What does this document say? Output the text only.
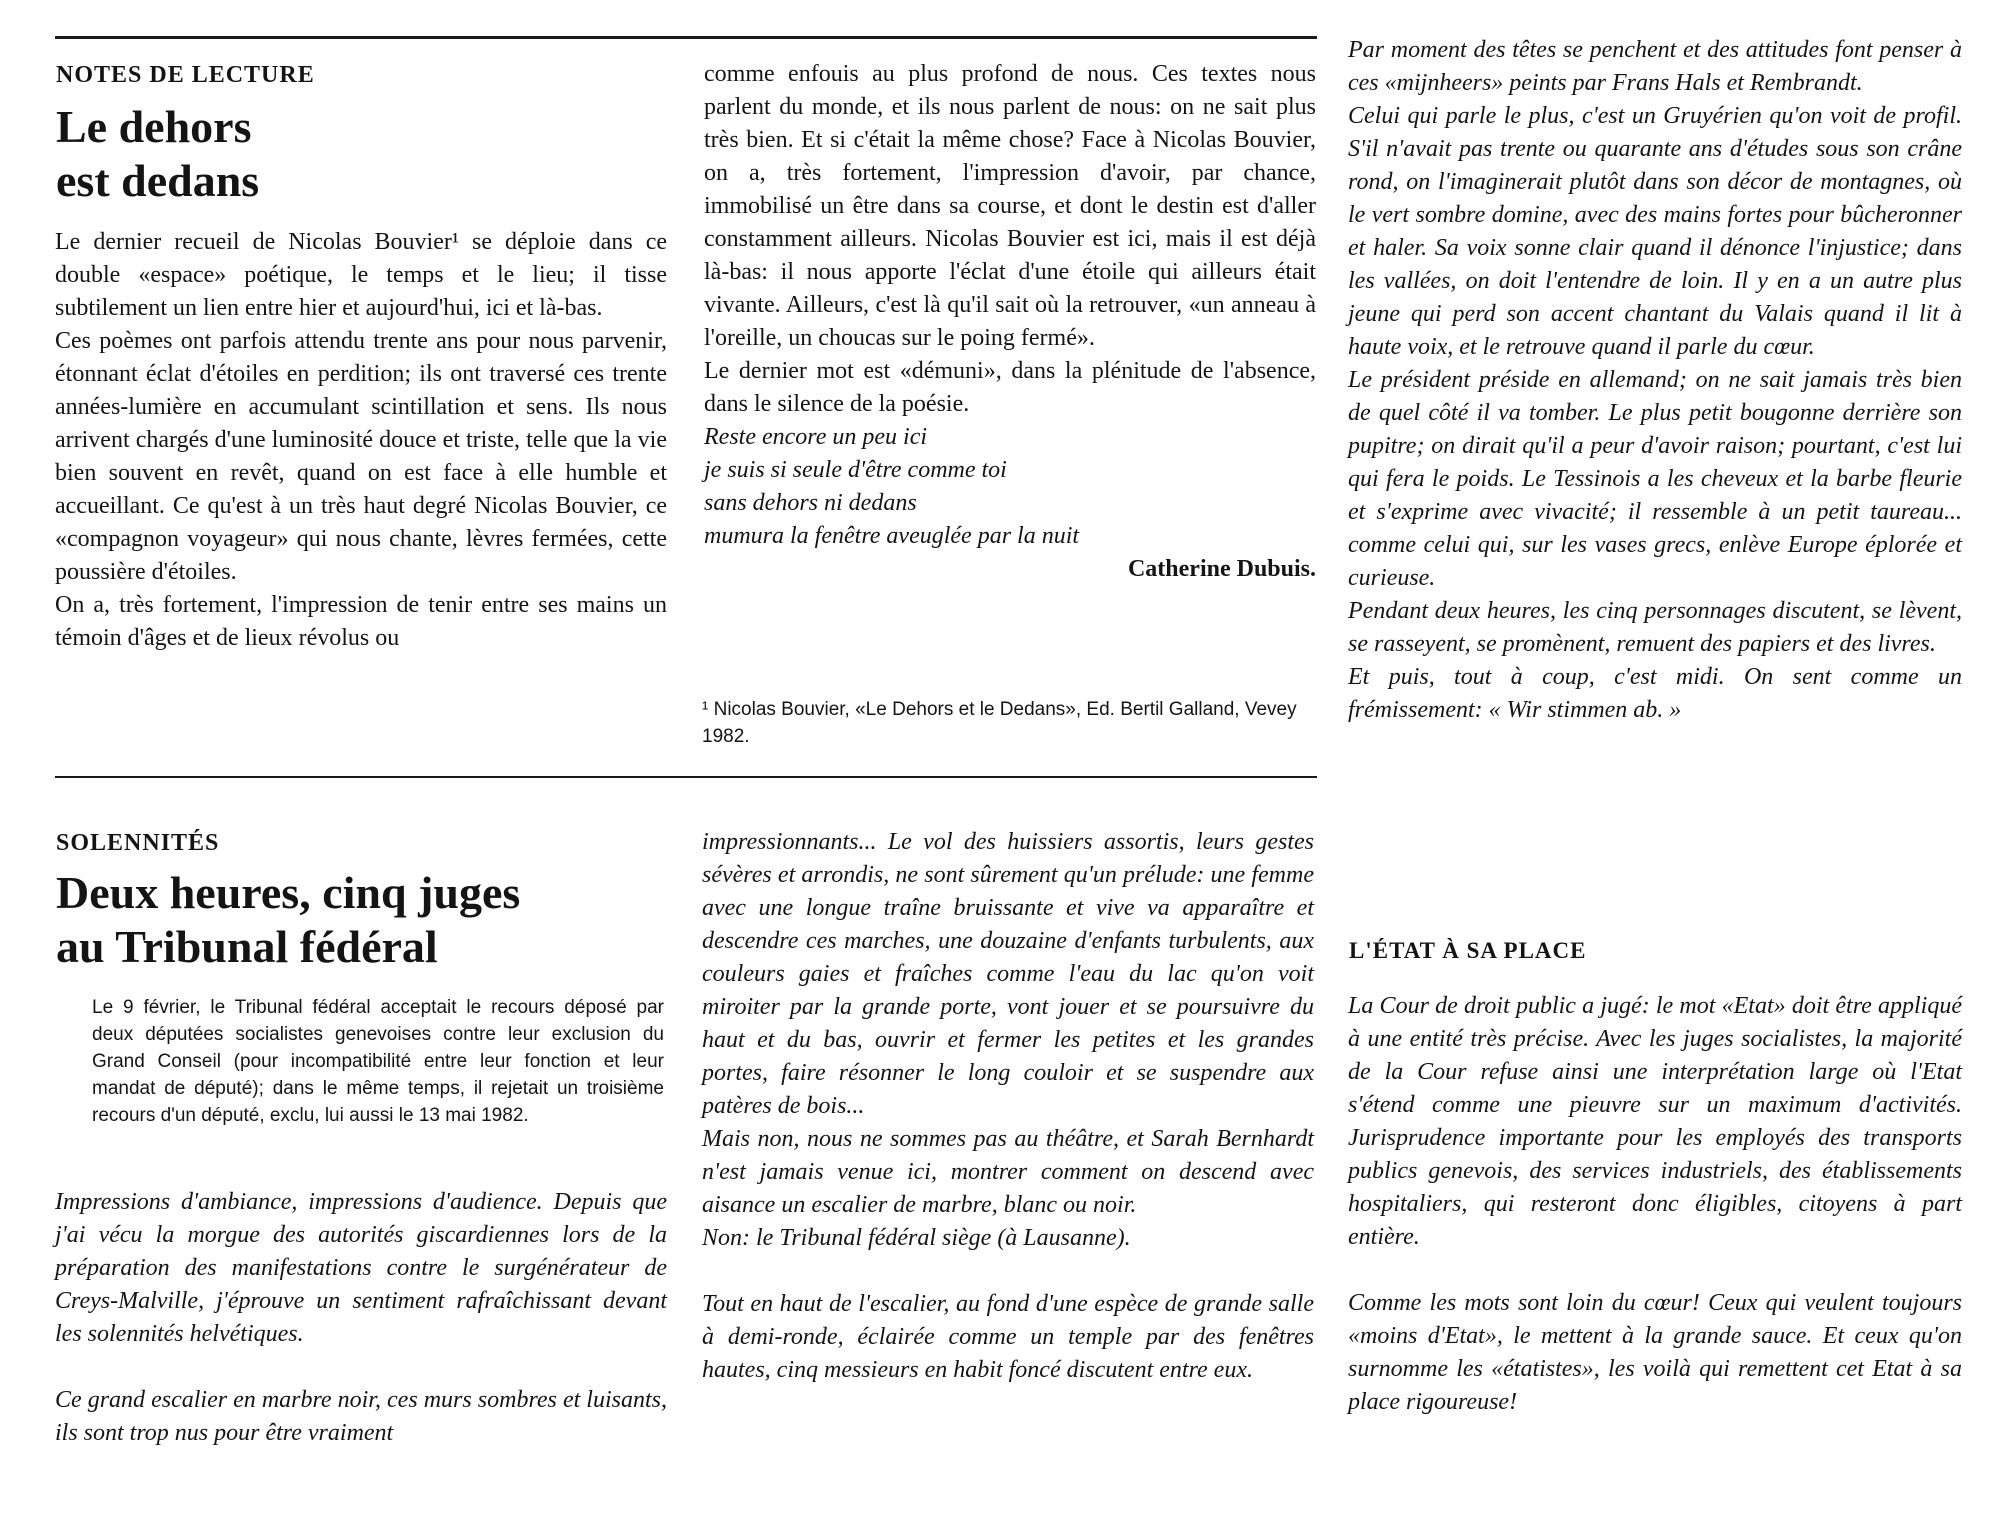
NOTES DE LECTURE
Le dehors
est dedans

Le dernier recueil de Nicolas Bouvier¹ se déploie dans ce double «espace» poétique, le temps et le lieu; il tisse subtilement un lien entre hier et aujourd'hui, ici et là-bas.

Ces poèmes ont parfois attendu trente ans pour nous parvenir, étonnant éclat d'étoiles en perdition; ils ont traversé ces trente années-lumière en accumulant scintillation et sens. Ils nous arrivent chargés d'une luminosité douce et triste, telle que la vie bien souvent en revêt, quand on est face à elle humble et accueillant. Ce qu'est à un très haut degré Nicolas Bouvier, ce «compagnon voyageur» qui nous chante, lèvres fermées, cette poussière d'étoiles.

On a, très fortement, l'impression de tenir entre ses mains un témoin d'âges et de lieux révolus ou

comme enfouis au plus profond de nous. Ces textes nous parlent du monde, et ils nous parlent de nous: on ne sait plus très bien. Et si c'était la même chose? Face à Nicolas Bouvier, on a, très fortement, l'impression d'avoir, par chance, immobilisé un être dans sa course, et dont le destin est d'aller constamment ailleurs. Nicolas Bouvier est ici, mais il est déjà là-bas: il nous apporte l'éclat d'une étoile qui ailleurs était vivante. Ailleurs, c'est là qu'il sait où la retrouver, «un anneau à l'oreille, un choucas sur le poing fermé».

Le dernier mot est «démuni», dans la plénitude de l'absence, dans le silence de la poésie.

Reste encore un peu ici

je suis si seule d'être comme toi

sans dehors ni dedans

mumura la fenêtre aveuglée par la nuit

Catherine Dubuis.

¹ Nicolas Bouvier, «Le Dehors et le Dedans», Ed. Bertil Galland, Vevey 1982.

SOLENNITÉS
Deux heures, cinq juges
au Tribunal fédéral

Le 9 février, le Tribunal fédéral acceptait le recours déposé par deux députées socialistes genevoises contre leur exclusion du Grand Conseil (pour incompatibilité entre leur fonction et leur mandat de député); dans le même temps, il rejetait un troisième recours d'un député, exclu, lui aussi le 13 mai 1982.

Impressions d'ambiance, impressions d'audience. Depuis que j'ai vécu la morgue des autorités giscardiennes lors de la préparation des manifestations contre le surgénérateur de Creys-Malville, j'éprouve un sentiment rafraîchissant devant les solennités helvétiques.

Ce grand escalier en marbre noir, ces murs sombres et luisants, ils sont trop nus pour être vraiment

impressionnants... Le vol des huissiers assortis, leurs gestes sévères et arrondis, ne sont sûrement qu'un prélude: une femme avec une longue traîne bruissante et vive va apparaître et descendre ces marches, une douzaine d'enfants turbulents, aux couleurs gaies et fraîches comme l'eau du lac qu'on voit miroiter par la grande porte, vont jouer et se poursuivre du haut et du bas, ouvrir et fermer les petites et les grandes portes, faire résonner le long couloir et se suspendre aux patères de bois...

Mais non, nous ne sommes pas au théâtre, et Sarah Bernhardt n'est jamais venue ici, montrer comment on descend avec aisance un escalier de marbre, blanc ou noir.

Non: le Tribunal fédéral siège (à Lausanne).

Tout en haut de l'escalier, au fond d'une espèce de grande salle à demi-ronde, éclairée comme un temple par des fenêtres hautes, cinq messieurs en habit foncé discutent entre eux.

Par moment des têtes se penchent et des attitudes font penser à ces «mijnheers» peints par Frans Hals et Rembrandt.

Celui qui parle le plus, c'est un Gruyérien qu'on voit de profil. S'il n'avait pas trente ou quarante ans d'études sous son crâne rond, on l'imaginerait plutôt dans son décor de montagnes, où le vert sombre domine, avec des mains fortes pour bûcheronner et haler. Sa voix sonne clair quand il dénonce l'injustice; dans les vallées, on doit l'entendre de loin. Il y en a un autre plus jeune qui perd son accent chantant du Valais quand il lit à haute voix, et le retrouve quand il parle du cœur.

Le président préside en allemand; on ne sait jamais très bien de quel côté il va tomber. Le plus petit bougonne derrière son pupitre; on dirait qu'il a peur d'avoir raison; pourtant, c'est lui qui fera le poids. Le Tessinois a les cheveux et la barbe fleurie et s'exprime avec vivacité; il ressemble à un petit taureau... comme celui qui, sur les vases grecs, enlève Europe éplorée et curieuse.

Pendant deux heures, les cinq personnages discutent, se lèvent, se rasseyent, se promènent, remuent des papiers et des livres.

Et puis, tout à coup, c'est midi. On sent comme un frémissement: « Wir stimmen ab. »

L'ÉTAT À SA PLACE

La Cour de droit public a jugé: le mot «Etat» doit être appliqué à une entité très précise. Avec les juges socialistes, la majorité de la Cour refuse ainsi une interprétation large où l'Etat s'étend comme une pieuvre sur un maximum d'activités. Jurisprudence importante pour les employés des transports publics genevois, des services industriels, des établissements hospitaliers, qui resteront donc éligibles, citoyens à part entière.

Comme les mots sont loin du cœur! Ceux qui veulent toujours «moins d'Etat», le mettent à la grande sauce. Et ceux qu'on surnomme les «étatistes», les voilà qui remettent cet Etat à sa place rigoureuse!
